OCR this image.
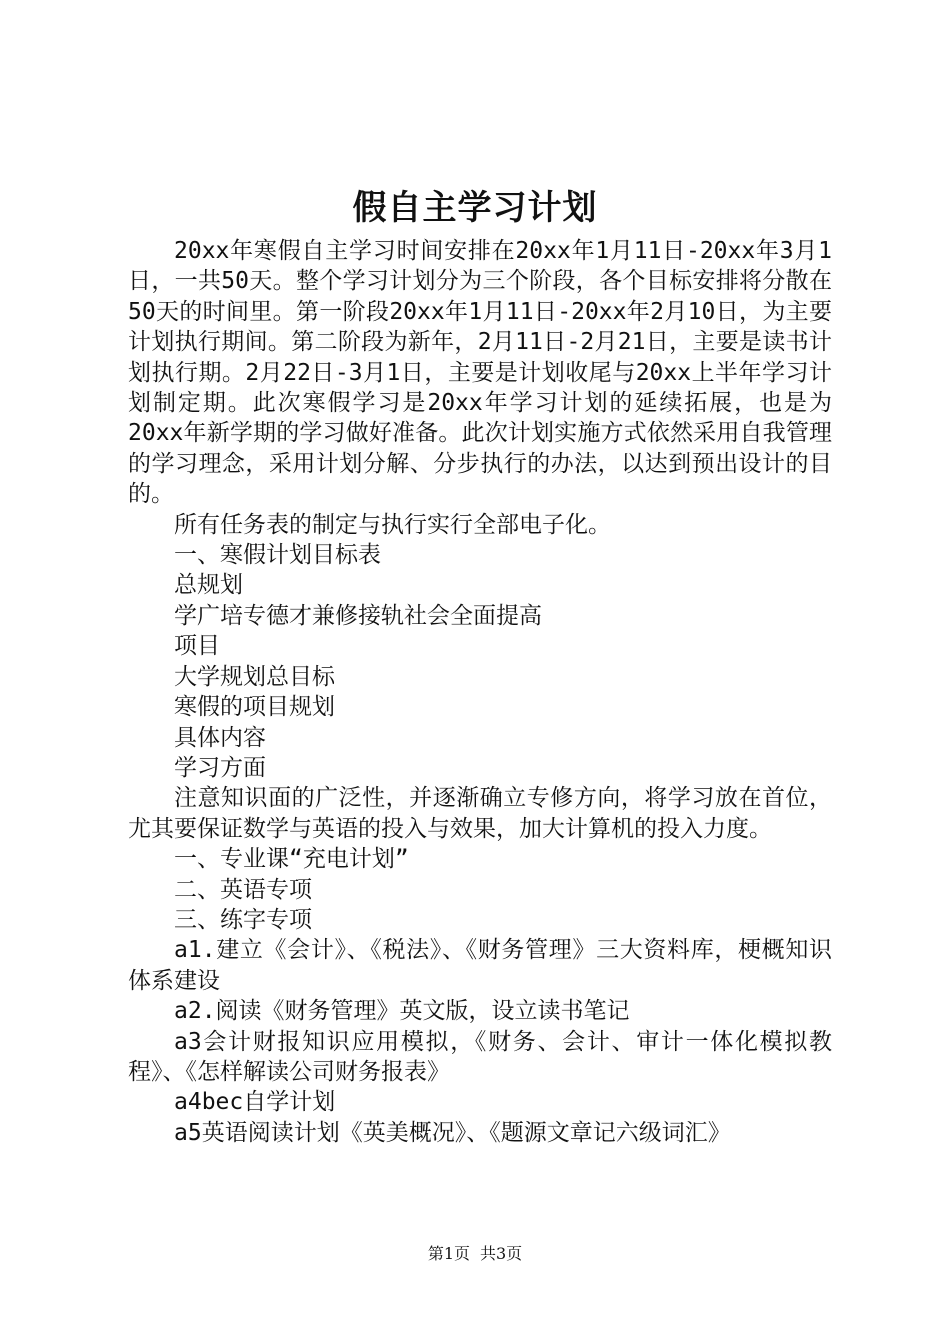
假自主学习计划

20xx年寒假自主学习时间安排在20xx年1月11日-20xx年3月1日，一共50天。整个学习计划分为三个阶段，各个目标安排将分散在50天的时间里。第一阶段20xx年1月11日-20xx年2月10日，为主要计划执行期间。第二阶段为新年，2月11日-2月21日，主要是读书计划执行期。2月22日-3月1日，主要是计划收尾与20xx上半年学习计划制定期。此次寒假学习是20xx年学习计划的延续拓展，也是为20xx年新学期的学习做好准备。此次计划实施方式依然采用自我管理的学习理念，采用计划分解、分步执行的办法，以达到预出设计的目的。

所有任务表的制定与执行实行全部电子化。

一、寒假计划目标表

总规划

学广培专德才兼修接轨社会全面提高

项目

大学规划总目标

寒假的项目规划

具体内容

学习方面

注意知识面的广泛性，并逐渐确立专修方向，将学习放在首位，尤其要保证数学与英语的投入与效果，加大计算机的投入力度。

一、专业课“充电计划”

二、英语专项

三、练字专项

a1.建立《会计》、《税法》、《财务管理》三大资料库，梗概知识体系建设

a2.阅读《财务管理》英文版，设立读书笔记

a3会计财报知识应用模拟，《财务、会计、审计一体化模拟教程》、《怎样解读公司财务报表》

a4bec自学计划

a5英语阅读计划《英美概况》、《题源文章记六级词汇》

第1页 共3页
